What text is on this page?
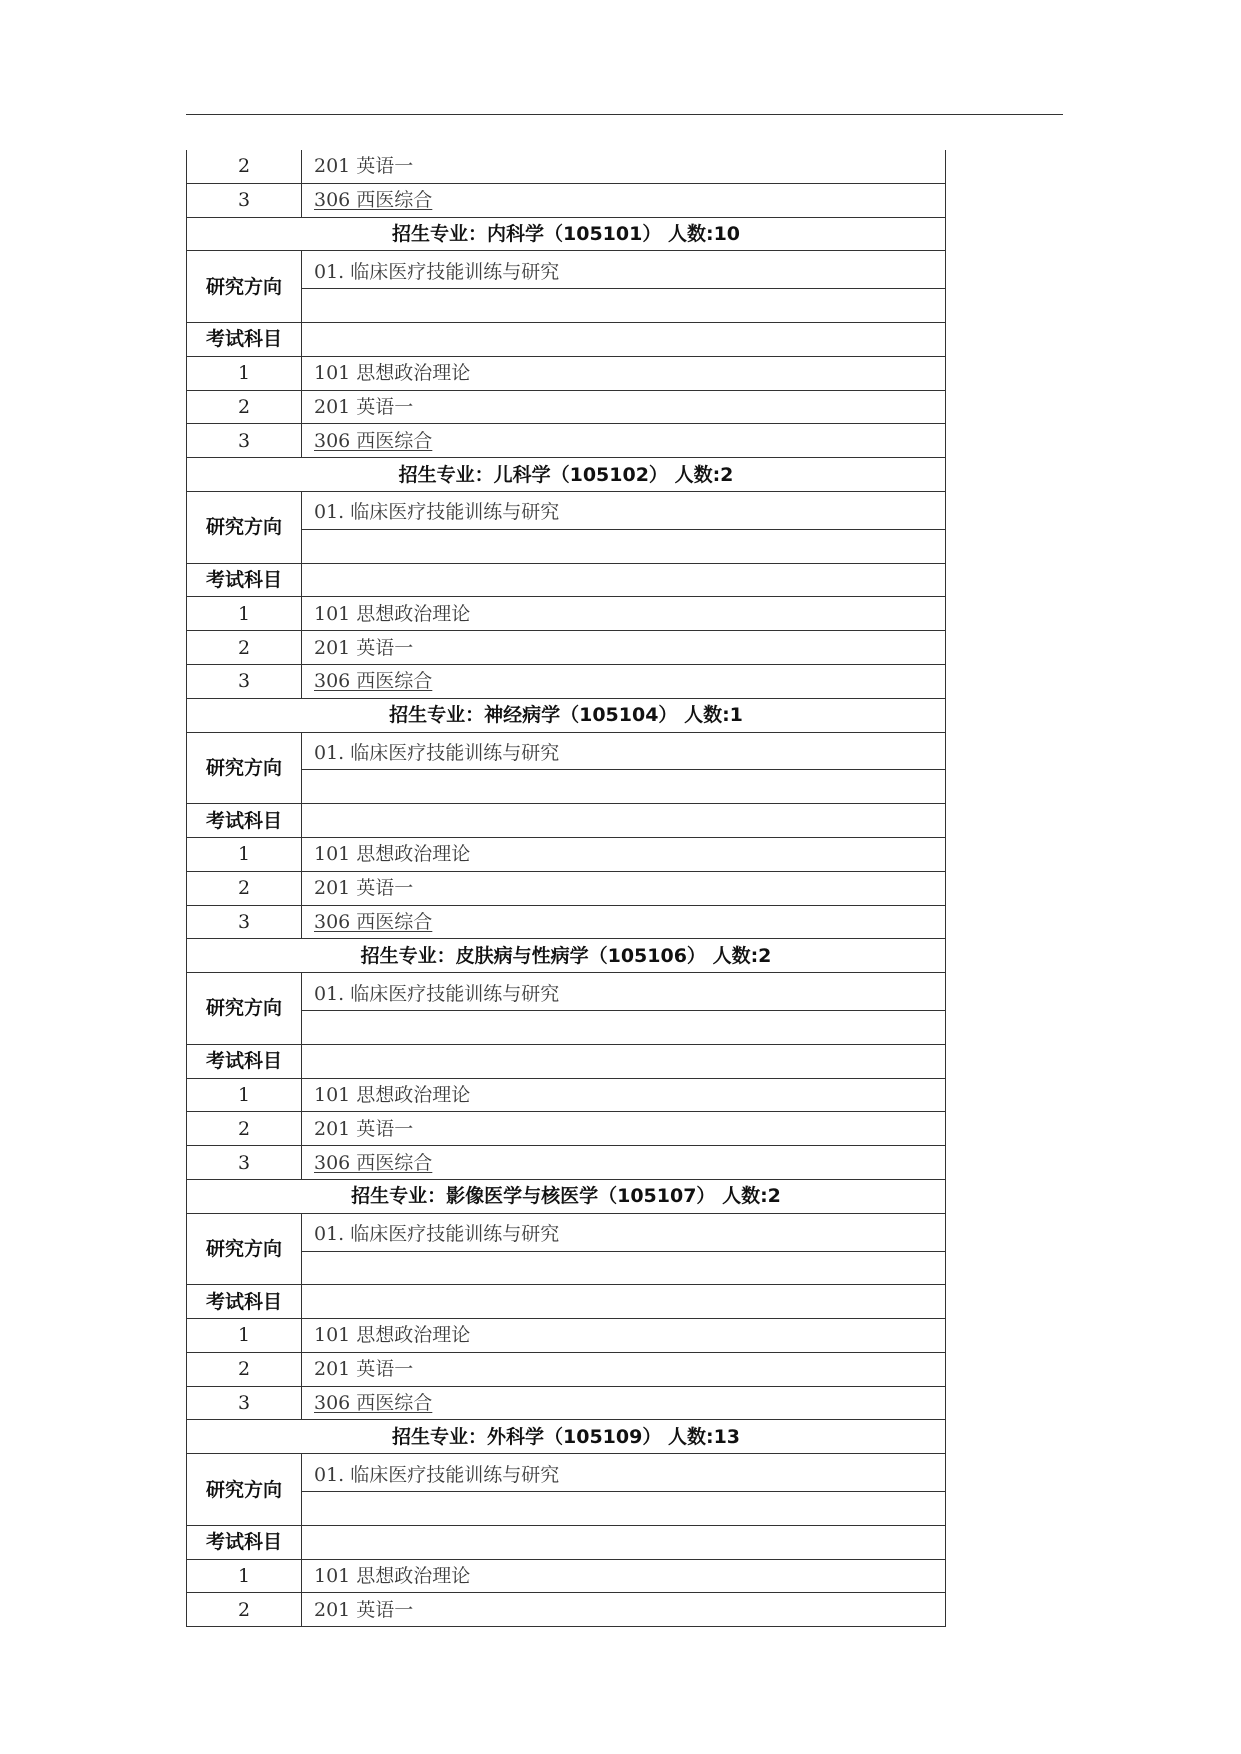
2	201 英语一
3	306 西医综合
招生专业：内科学（105101） 人数:10	
研究方向	01. 临床医疗技能训练与研究

考试科目	
1	101 思想政治理论
2	201 英语一
3	306 西医综合
招生专业：儿科学（105102） 人数:2	
研究方向	01. 临床医疗技能训练与研究

考试科目	
1	101 思想政治理论
2	201 英语一
3	306 西医综合
招生专业：神经病学（105104） 人数:1	
研究方向	01. 临床医疗技能训练与研究

考试科目	
1	101 思想政治理论
2	201 英语一
3	306 西医综合
招生专业：皮肤病与性病学（105106） 人数:2	
研究方向	01. 临床医疗技能训练与研究

考试科目	
1	101 思想政治理论
2	201 英语一
3	306 西医综合
招生专业：影像医学与核医学（105107） 人数:2	
研究方向	01. 临床医疗技能训练与研究

考试科目	
1	101 思想政治理论
2	201 英语一
3	306 西医综合
招生专业：外科学（105109） 人数:13	
研究方向	01. 临床医疗技能训练与研究

考试科目	
1	101 思想政治理论
2	201 英语一
